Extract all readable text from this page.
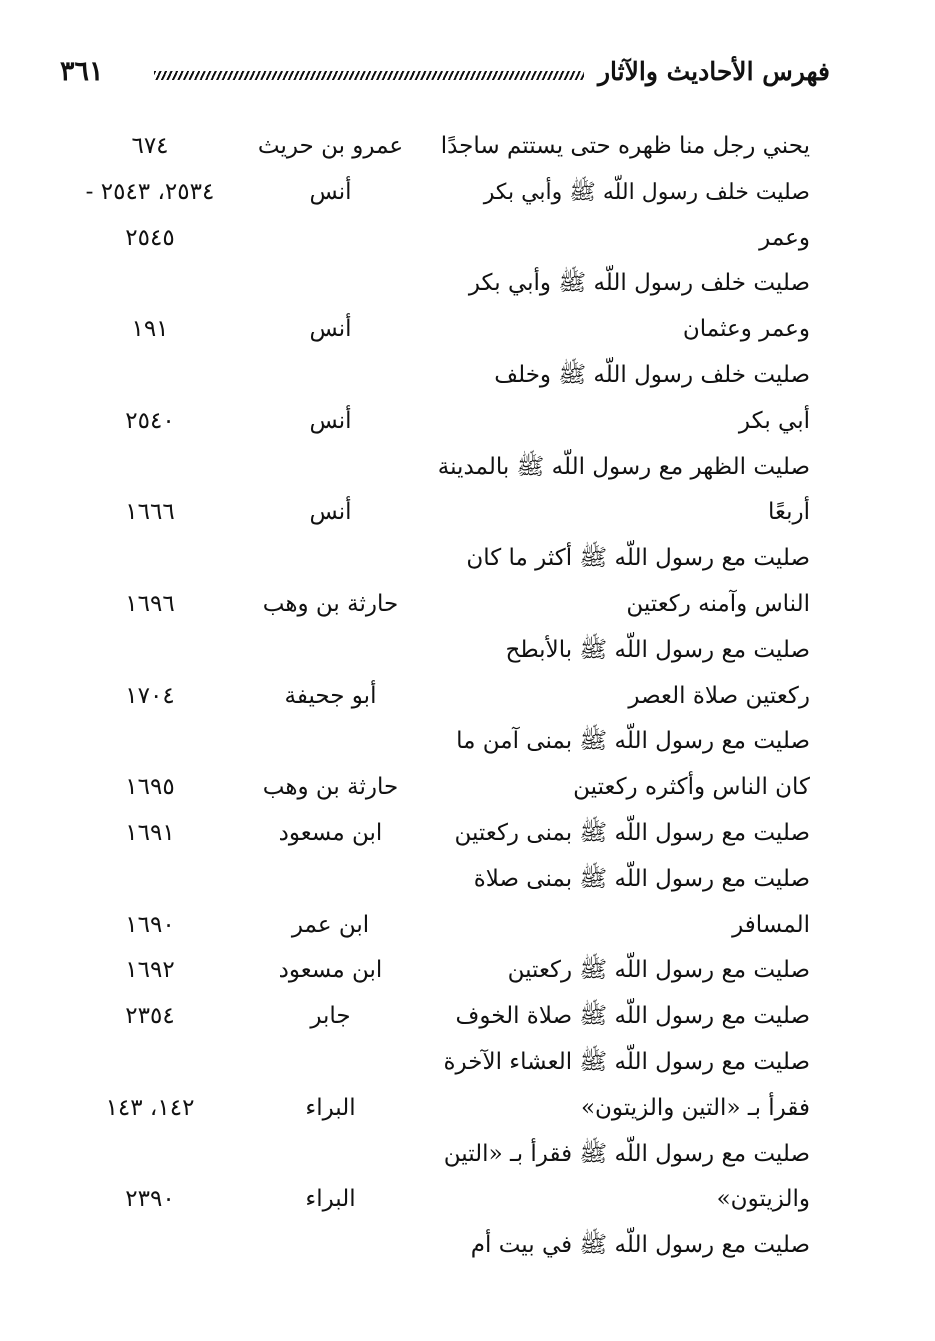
٣٦١	فهرس الأحاديث والآثار
يحني رجل منا ظهره حتى يستتم ساجدًا
عمرو بن حريث
٦٧٤
صليت خلف رسول اللّه ﷺ وأبي بكر
أنس
٢٥٣٤، ٢٥٤٣ -
وعمر
٢٥٤٥
صليت خلف رسول اللّه ﷺ وأبي بكر
وعمر وعثمان
أنس
١٩١
صليت خلف رسول اللّه ﷺ وخلف
أبي بكر
أنس
٢٥٤٠
صليت الظهر مع رسول اللّه ﷺ بالمدينة
أربعًا
أنس
١٦٦٦
صليت مع رسول اللّه ﷺ أكثر ما كان
الناس وآمنه ركعتين
حارثة بن وهب
١٦٩٦
صليت مع رسول اللّه ﷺ بالأبطح
ركعتين صلاة العصر
أبو جحيفة
١٧٠٤
صليت مع رسول اللّه ﷺ بمنى آمن ما
كان الناس وأكثره ركعتين
حارثة بن وهب
١٦٩٥
صليت مع رسول اللّه ﷺ بمنى ركعتين
ابن مسعود
١٦٩١
صليت مع رسول اللّه ﷺ بمنى صلاة
المسافر
ابن عمر
١٦٩٠
صليت مع رسول اللّه ﷺ ركعتين
ابن مسعود
١٦٩٢
صليت مع رسول اللّه ﷺ صلاة الخوف
جابر
٢٣٥٤
صليت مع رسول اللّه ﷺ العشاء الآخرة
فقرأ بـ «التين والزيتون»
البراء
١٤٢، ١٤٣
صليت مع رسول اللّه ﷺ فقرأ بـ «التين
والزيتون»
البراء
٢٣٩٠
صليت مع رسول اللّه ﷺ في بيت أم
